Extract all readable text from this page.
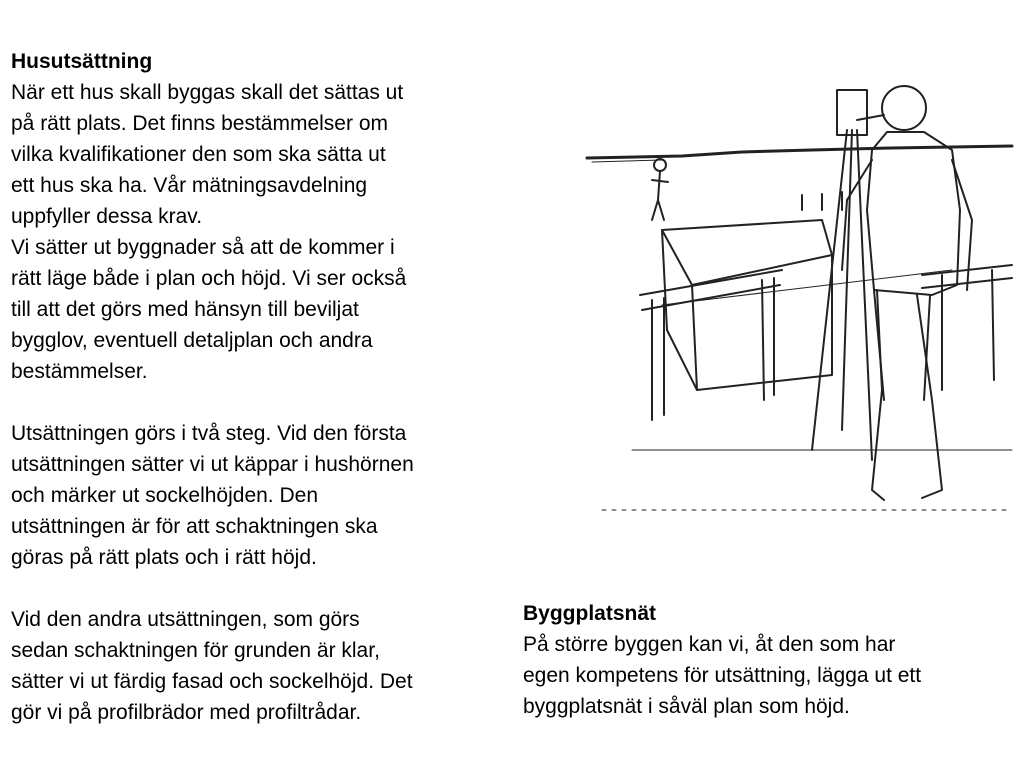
Husutsättning

När ett hus skall byggas skall det sättas ut

på rätt plats. Det finns bestämmelser om

vilka kvalifikationer den som ska sätta ut

ett hus ska ha. Vår mätningsavdelning

uppfyller dessa krav.

Vi sätter ut byggnader så att de kommer i

rätt läge både i plan och höjd. Vi ser också

till att det görs med hänsyn till beviljat

bygglov, eventuell detaljplan och andra

bestämmelser.

Utsättningen görs i två steg. Vid den första

utsättningen sätter vi ut käppar i hushörnen

och märker ut sockelhöjden. Den

utsättningen är för att schaktningen ska

göras på rätt plats och i rätt höjd.

Vid den andra utsättningen, som görs

sedan schaktningen för grunden är klar,

sätter vi ut färdig fasad och sockelhöjd. Det

gör vi på profilbrädor med profiltrådar.

Byggplatsnät

På större byggen kan vi, åt den som har

egen kompetens för utsättning, lägga ut ett

byggplatsnät i såväl plan som höjd.
